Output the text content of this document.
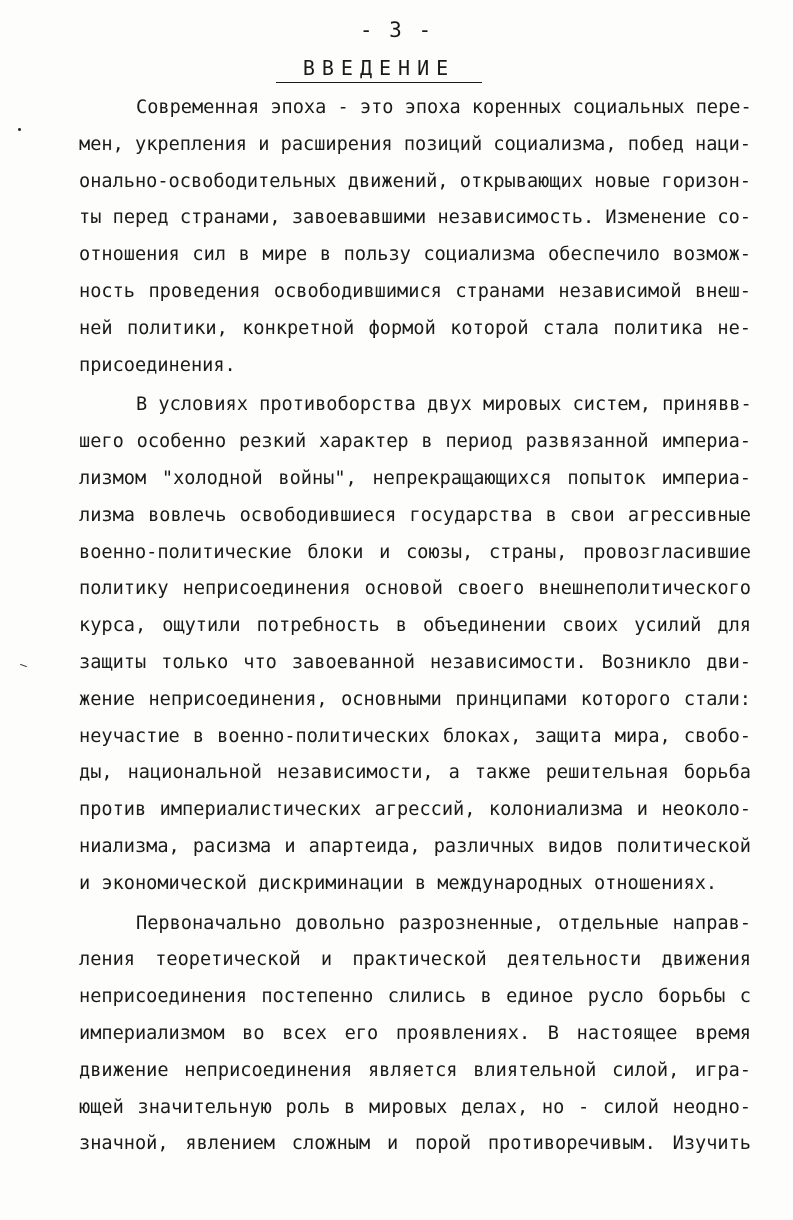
- 3 -
ВВЕДЕНИЕ
Современная эпоха - это эпоха коренных социальных пере-
мен, укрепления и расширения позиций социализма, побед наци-
онально-освободительных движений, открывающих новые горизон-
ты перед странами, завоевавшими независимость. Изменение со-
отношения сил в мире в пользу социализма обеспечило возмож-
ность проведения освободившимися странами независимой внеш-
ней политики, конкретной формой которой стала политика не-
присоединения.
В условиях противоборства двух мировых систем, принявв-
шего особенно резкий характер в период развязанной империа-
лизмом "холодной войны", непрекращающихся попыток империа-
лизма вовлечь освободившиеся государства в свои агрессивные
военно-политические блоки и союзы, страны, провозгласившие
политику неприсоединения основой своего внешнеполитического
курса, ощутили потребность в объединении своих усилий для
защиты только что завоеванной независимости. Возникло дви-
жение неприсоединения, основными принципами которого стали:
неучастие в военно-политических блоках, защита мира, свобо-
ды, национальной независимости, а также решительная борьба
против империалистических агрессий, колониализма и неоколо-
ниализма, расизма и апартеида, различных видов политической
и экономической дискриминации в международных отношениях.
Первоначально довольно разрозненные, отдельные направ-
ления теоретической и практической деятельности движения
неприсоединения постепенно слились в единое русло борьбы с
империализмом во всех его проявлениях. В настоящее время
движение неприсоединения является влиятельной силой, игра-
ющей значительную роль в мировых делах, но - силой неодно-
значной, явлением сложным и порой противоречивым. Изучить
